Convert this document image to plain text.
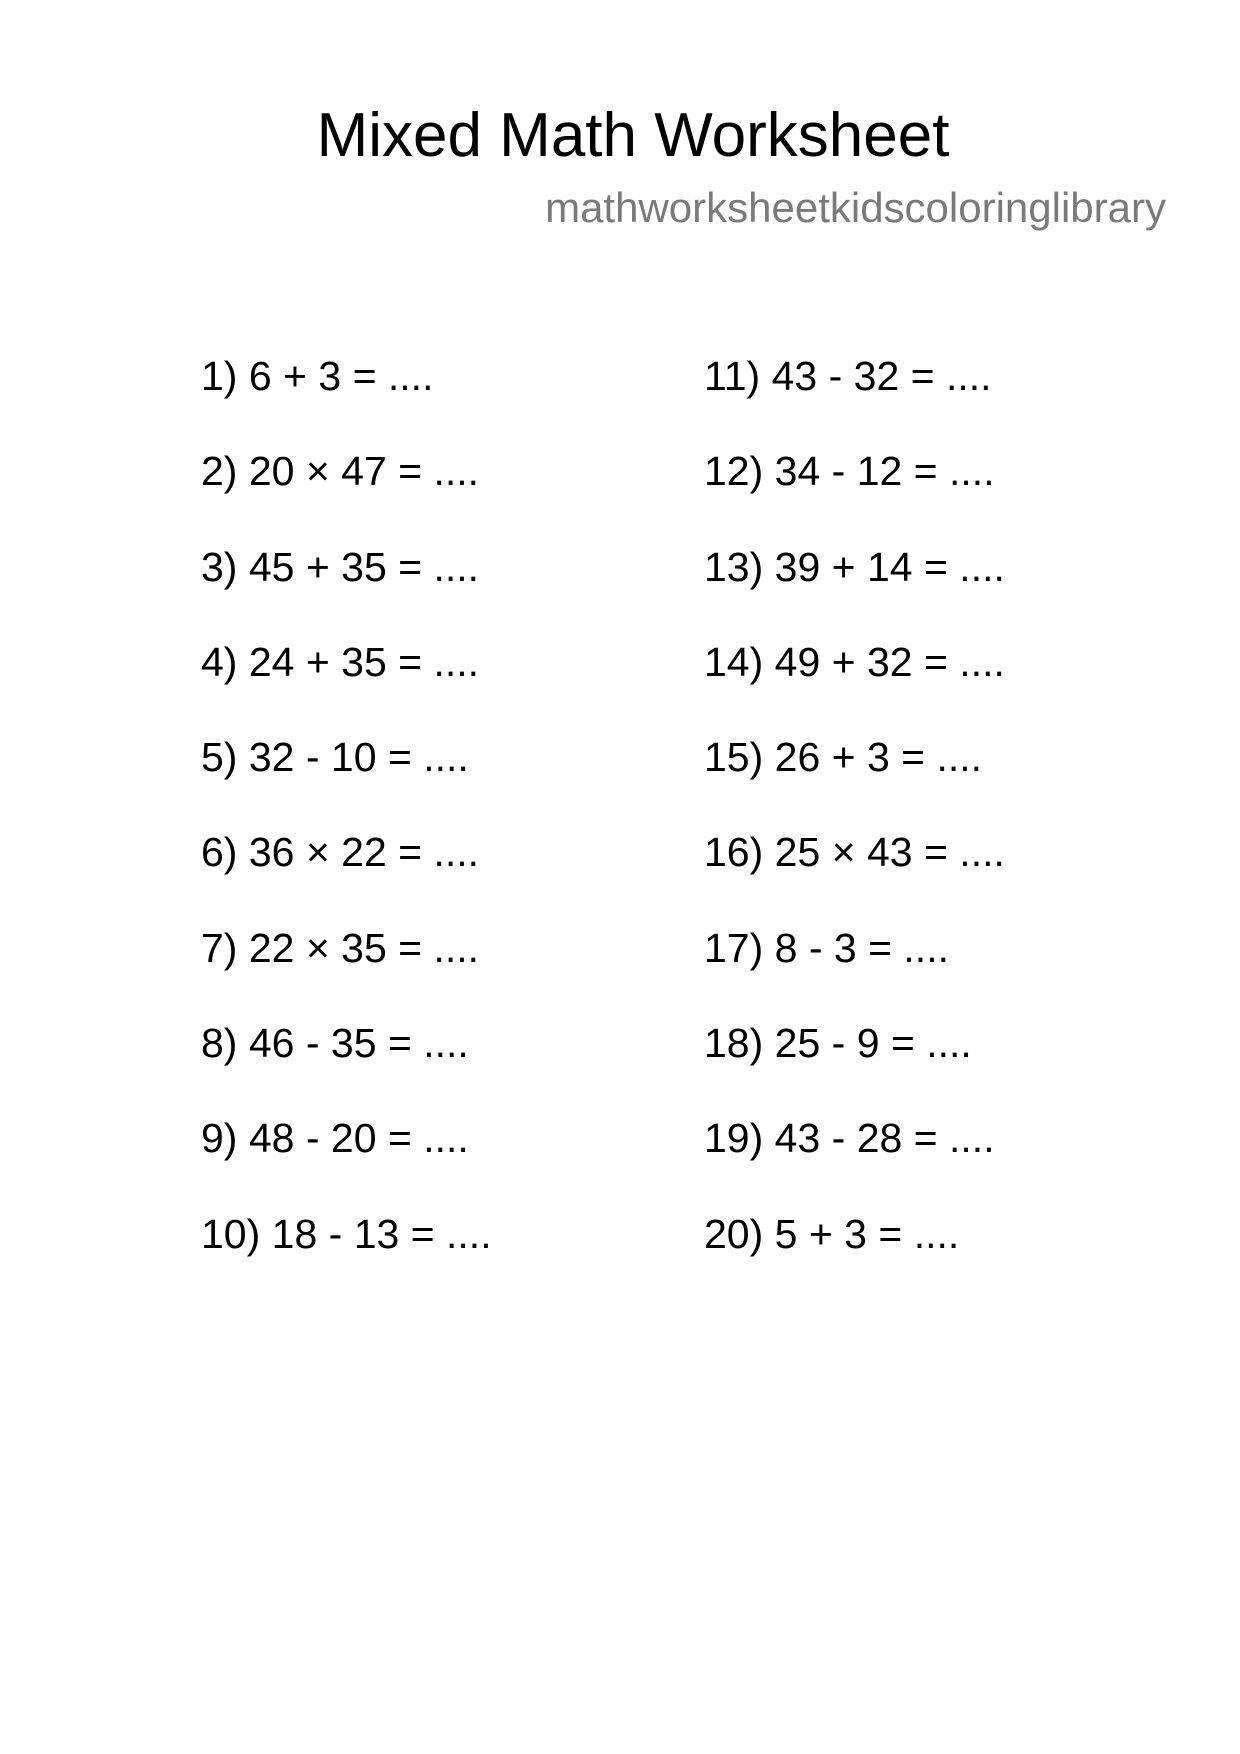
Mixed Math Worksheet
mathworksheetkidscoloringlibrary
1) 6 + 3 = ....
2) 20 × 47 = ....
3) 45 + 35 = ....
4) 24 + 35 = ....
5) 32 - 10 = ....
6) 36 × 22 = ....
7) 22 × 35 = ....
8) 46 - 35 = ....
9) 48 - 20 = ....
10) 18 - 13 = ....
11) 43 - 32 = ....
12) 34 - 12 = ....
13) 39 + 14 = ....
14) 49 + 32 = ....
15) 26 + 3 = ....
16) 25 × 43 = ....
17) 8 - 3 = ....
18) 25 - 9 = ....
19) 43 - 28 = ....
20) 5 + 3 = ....
